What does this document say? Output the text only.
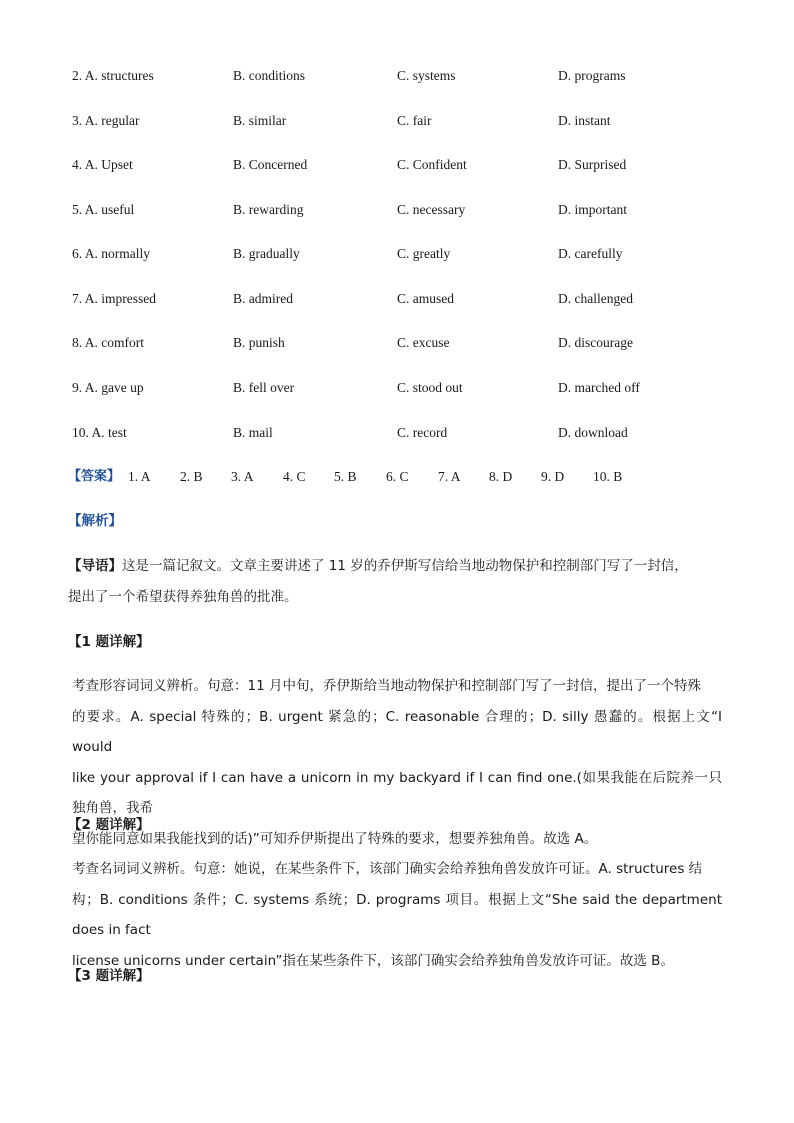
2. A. structures	B. conditions	C. systems	D. programs
3. A. regular	B. similar	C. fair	D. instant
4. A. Upset	B. Concerned	C. Confident	D. Surprised
5. A. useful	B. rewarding	C. necessary	D. important
6. A. normally	B. gradually	C. greatly	D. carefully
7. A. impressed	B. admired	C. amused	D. challenged
8. A. comfort	B. punish	C. excuse	D. discourage
9. A. gave up	B. fell over	C. stood out	D. marched off
10. A. test	B. mail	C. record	D. download
【答案】 1. A 2. B 3. A 4. C 5. B 6. C 7. A 8. D 9. D 10. B
【解析】
【导语】这是一篇记叙文。文章主要讲述了 11 岁的乔伊斯写信给当地动物保护和控制部门写了一封信，
提出了一个希望获得养独角兽的批准。
【1 题详解】
考查形容词词义辨析。句意：11 月中旬，乔伊斯给当地动物保护和控制部门写了一封信，提出了一个特殊
的要求。A. special 特殊的；B. urgent 紧急的；C. reasonable 合理的；D. silly 愚蠢的。根据上文“I would
like your approval if I can have a unicorn in my backyard if I can find one.(如果我能在后院养一只独角兽，我希
望你能同意如果我能找到的话)”可知乔伊斯提出了特殊的要求，想要养独角兽。故选 A。
【2 题详解】
考查名词词义辨析。句意：她说，在某些条件下，该部门确实会给养独角兽发放许可证。A. structures 结
构；B. conditions 条件；C. systems 系统；D. programs 项目。根据上文“She said the department does in fact
license unicorns under certain”指在某些条件下，该部门确实会给养独角兽发放许可证。故选 B。
【3 题详解】
